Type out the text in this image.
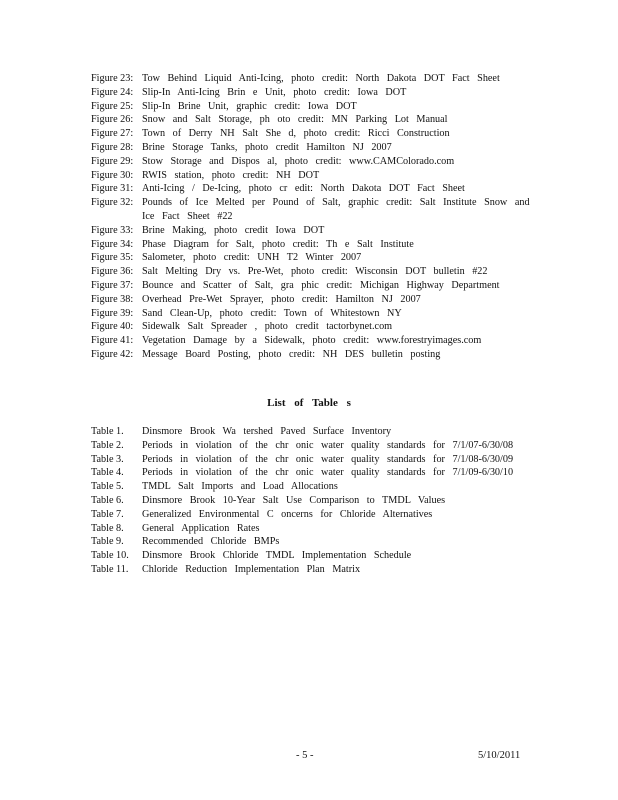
Figure 23: Tow Behind Liquid Anti-Icing, photo credit: North Dakota DOT Fact Sheet
Figure 24: Slip-In Anti-Icing Brin e Unit, photo credit: Iowa DOT
Figure 25: Slip-In Brine Unit, graphic credit: Iowa DOT
Figure 26: Snow and Salt Storage, ph oto credit: MN Parking Lot Manual
Figure 27: Town of Derry NH Salt She d, photo credit: Ricci Construction
Figure 28: Brine Storage Tanks, photo credit Hamilton NJ 2007
Figure 29: Stow Storage and Dispos al, photo credit: www.CAMColorado.com
Figure 30: RWIS station, photo credit: NH DOT
Figure 31: Anti-Icing / De-Icing, photo cr edit: North Dakota DOT Fact Sheet
Figure 32: Pounds of Ice Melted per Pound of Salt, graphic credit: Salt Institute Snow and Ice Fact Sheet #22
Figure 33: Brine Making, photo credit Iowa DOT
Figure 34: Phase Diagram for Salt, photo credit: Th e Salt Institute
Figure 35: Salometer, photo credit: UNH T2 Winter 2007
Figure 36: Salt Melting Dry vs. Pre-Wet, photo credit: Wisconsin DOT bulletin #22
Figure 37: Bounce and Scatter of Salt, gra phic credit: Michigan Highway Department
Figure 38: Overhead Pre-Wet Sprayer, photo credit: Hamilton NJ 2007
Figure 39: Sand Clean-Up, photo credit: Town of Whitestown NY
Figure 40: Sidewalk Salt Spreader , photo credit tactorbynet.com
Figure 41: Vegetation Damage by a Sidewalk, photo credit: www.forestryimages.com
Figure 42: Message Board Posting, photo credit: NH DES bulletin posting
List of Table s
Table 1. Dinsmore Brook Wa tershed Paved Surface Inventory
Table 2. Periods in violation of the chr onic water quality standards for 7/1/07-6/30/08
Table 3. Periods in violation of the chr onic water quality standards for 7/1/08-6/30/09
Table 4. Periods in violation of the chr onic water quality standards for 7/1/09-6/30/10
Table 5. TMDL Salt Imports and Load Allocations
Table 6. Dinsmore Brook 10-Year Salt Use Comparison to TMDL Values
Table 7. Generalized Environmental C oncerns for Chloride Alternatives
Table 8. General Application Rates
Table 9. Recommended Chloride BMPs
Table 10. Dinsmore Brook Chloride TMDL Implementation Schedule
Table 11. Chloride Reduction Implementation Plan Matrix
- 5 -	5/10/2011
